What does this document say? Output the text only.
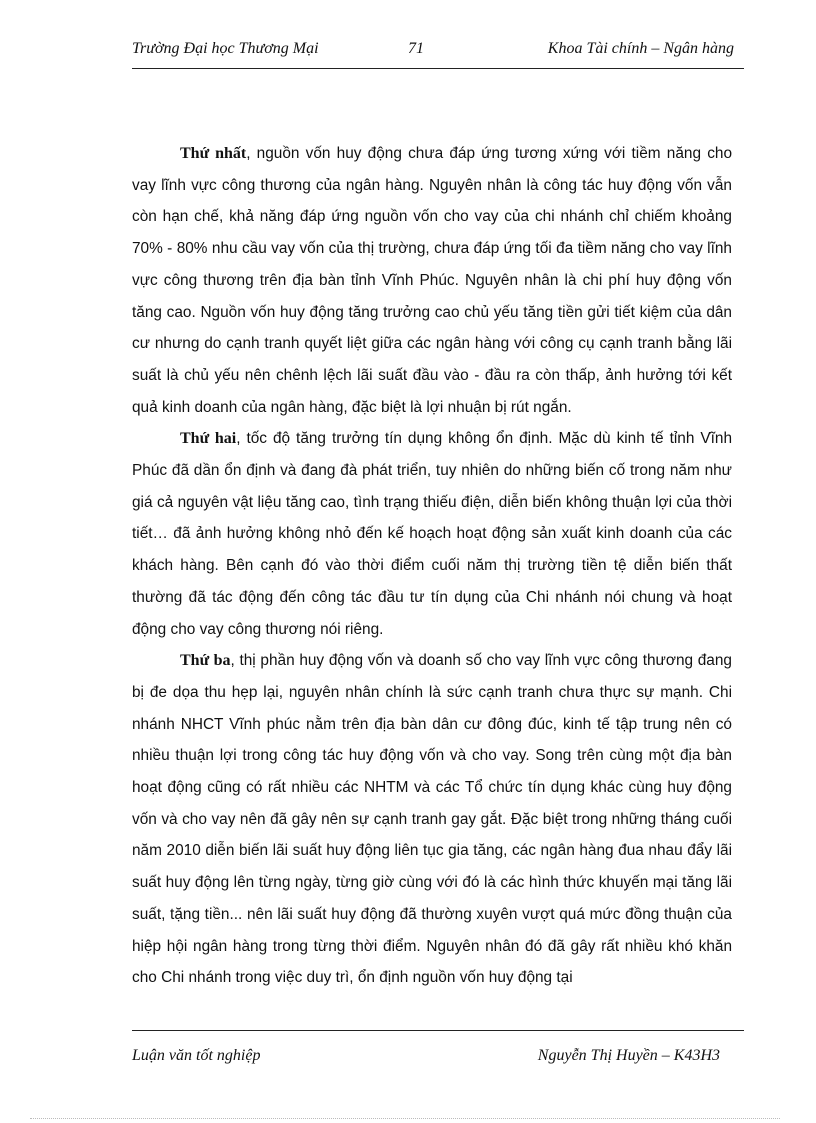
Trường Đại học Thương Mại	71	Khoa Tài chính – Ngân hàng

Thứ nhất, nguồn vốn huy động chưa đáp ứng tương xứng với tiềm năng cho vay lĩnh vực công thương của ngân hàng. Nguyên nhân là công tác huy động vốn vẫn còn hạn chế, khả năng đáp ứng nguồn vốn cho vay của chi nhánh chỉ chiếm khoảng 70% - 80% nhu cầu vay vốn của thị trường, chưa đáp ứng tối đa tiềm năng cho vay lĩnh vực công thương trên địa bàn tỉnh Vĩnh Phúc. Nguyên nhân là chi phí huy động vốn tăng cao. Nguồn vốn huy động tăng trưởng cao chủ yếu tăng tiền gửi tiết kiệm của dân cư nhưng do cạnh tranh quyết liệt giữa các ngân hàng với công cụ cạnh tranh bằng lãi suất là chủ yếu nên chênh lệch lãi suất đầu vào - đầu ra còn thấp, ảnh hưởng tới kết quả kinh doanh của ngân hàng, đặc biệt là lợi nhuận bị rút ngắn.

Thứ hai, tốc độ tăng trưởng tín dụng không ổn định. Mặc dù kinh tế tỉnh Vĩnh Phúc đã dần ổn định và đang đà phát triển, tuy nhiên do những biến cố trong năm như giá cả nguyên vật liệu tăng cao, tình trạng thiếu điện, diễn biến không thuận lợi của thời tiết… đã ảnh hưởng không nhỏ đến kế hoạch hoạt động sản xuất kinh doanh của các khách hàng. Bên cạnh đó vào thời điểm cuối năm thị trường tiền tệ diễn biến thất thường đã tác động đến công tác đầu tư tín dụng của Chi nhánh nói chung và hoạt động cho vay công thương nói riêng.

Thứ ba, thị phần huy động vốn và doanh số cho vay lĩnh vực công thương đang bị đe dọa thu hẹp lại, nguyên nhân chính là sức cạnh tranh chưa thực sự mạnh. Chi nhánh NHCT Vĩnh phúc nằm trên địa bàn dân cư đông đúc, kinh tế tập trung nên có nhiều thuận lợi trong công tác huy động vốn và cho vay. Song trên cùng một địa bàn hoạt động cũng có rất nhiều các NHTM và các Tổ chức tín dụng khác cùng huy động vốn và cho vay nên đã gây nên sự cạnh tranh gay gắt. Đặc biệt trong những tháng cuối năm 2010 diễn biến lãi suất huy động liên tục gia tăng, các ngân hàng đua nhau đẩy lãi suất huy động lên từng ngày, từng giờ cùng với đó là các hình thức khuyến mại tăng lãi suất, tặng tiền... nên lãi suất huy động đã thường xuyên vượt quá mức đồng thuận của hiệp hội ngân hàng trong từng thời điểm. Nguyên nhân đó đã gây rất nhiều khó khăn cho Chi nhánh trong việc duy trì, ổn định nguồn vốn huy động tại

Luận văn tốt nghiệp	Nguyễn Thị Huyền – K43H3
